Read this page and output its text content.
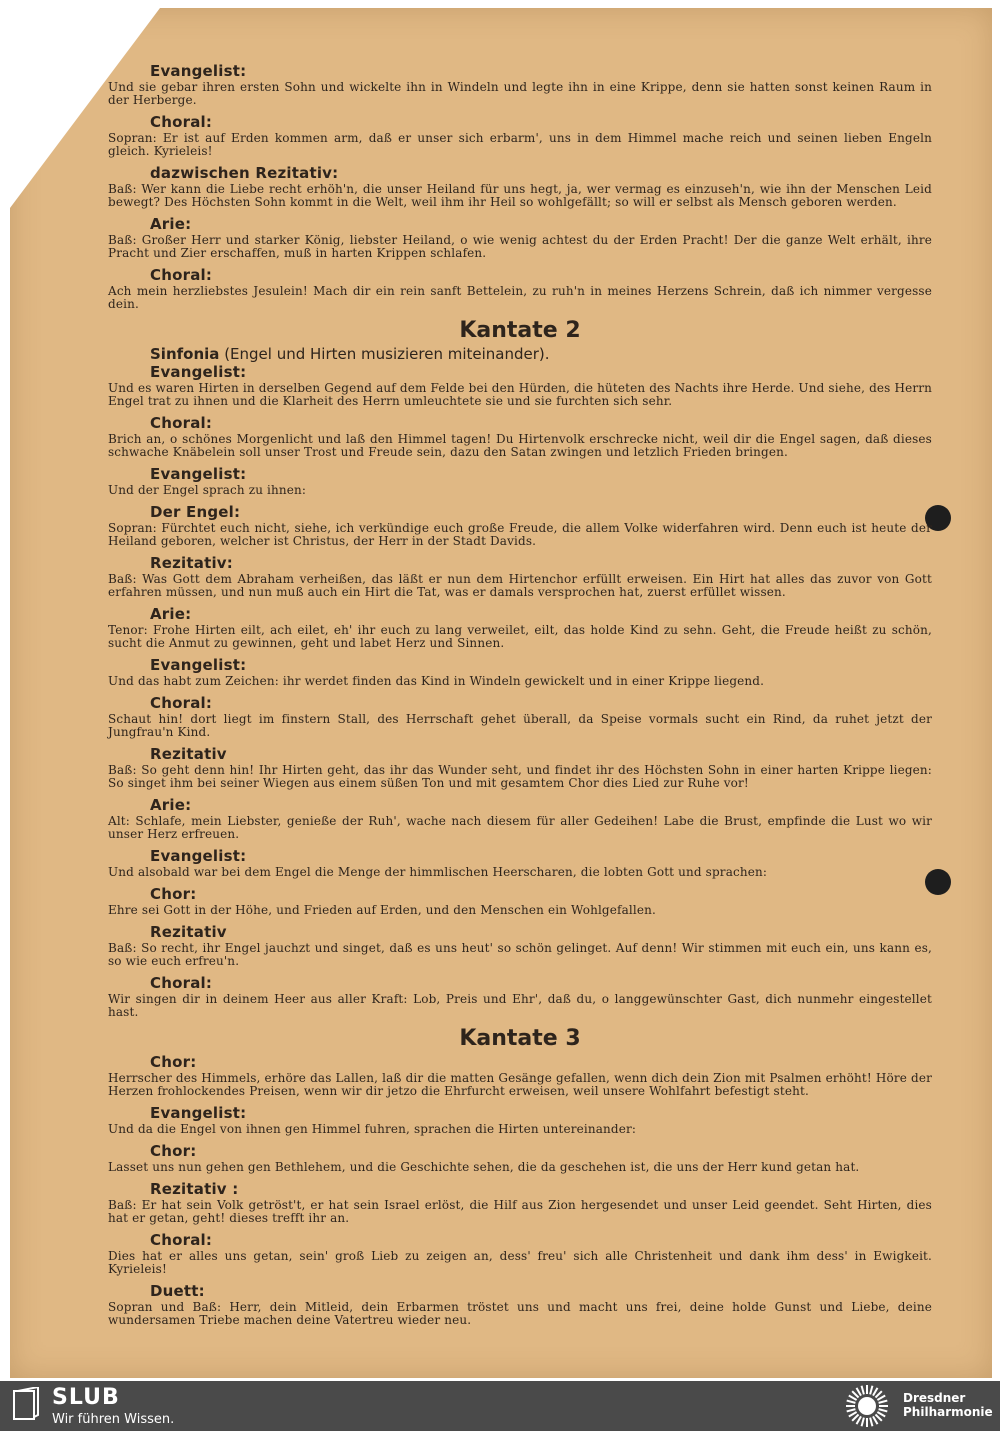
Evangelist:
Und sie gebar ihren ersten Sohn und wickelte ihn in Windeln und legte ihn in eine Krippe, denn sie hatten sonst keinen Raum in der Herberge.
Choral:
Sopran: Er ist auf Erden kommen arm, daß er unser sich erbarm', uns in dem Himmel mache reich und seinen lieben Engeln gleich. Kyrieleis!
dazwischen Rezitativ:
Baß: Wer kann die Liebe recht erhöh'n, die unser Heiland für uns hegt, ja, wer vermag es einzuseh'n, wie ihn der Menschen Leid bewegt? Des Höchsten Sohn kommt in die Welt, weil ihm ihr Heil so wohlgefällt; so will er selbst als Mensch geboren werden.
Arie:
Baß: Großer Herr und starker König, liebster Heiland, o wie wenig achtest du der Erden Pracht! Der die ganze Welt erhält, ihre Pracht und Zier erschaffen, muß in harten Krippen schlafen.
Choral:
Ach mein herzliebstes Jesulein! Mach dir ein rein sanft Bettelein, zu ruh'n in meines Herzens Schrein, daß ich nimmer vergesse dein.
Kantate 2
Sinfonia (Engel und Hirten musizieren miteinander).
Evangelist:
Und es waren Hirten in derselben Gegend auf dem Felde bei den Hürden, die hüteten des Nachts ihre Herde. Und siehe, des Herrn Engel trat zu ihnen und die Klarheit des Herrn umleuchtete sie und sie furchten sich sehr.
Choral:
Brich an, o schönes Morgenlicht und laß den Himmel tagen! Du Hirtenvolk erschrecke nicht, weil dir die Engel sagen, daß dieses schwache Knäbelein soll unser Trost und Freude sein, dazu den Satan zwingen und letzlich Frieden bringen.
Evangelist:
Und der Engel sprach zu ihnen:
Der Engel:
Sopran: Fürchtet euch nicht, siehe, ich verkündige euch große Freude, die allem Volke widerfahren wird. Denn euch ist heute der Heiland geboren, welcher ist Christus, der Herr in der Stadt Davids.
Rezitativ:
Baß: Was Gott dem Abraham verheißen, das läßt er nun dem Hirtenchor erfüllt erweisen. Ein Hirt hat alles das zuvor von Gott erfahren müssen, und nun muß auch ein Hirt die Tat, was er damals versprochen hat, zuerst erfüllet wissen.
Arie:
Tenor: Frohe Hirten eilt, ach eilet, eh' ihr euch zu lang verweilet, eilt, das holde Kind zu sehn. Geht, die Freude heißt zu schön, sucht die Anmut zu gewinnen, geht und labet Herz und Sinnen.
Evangelist:
Und das habt zum Zeichen: ihr werdet finden das Kind in Windeln gewickelt und in einer Krippe liegend.
Choral:
Schaut hin! dort liegt im finstern Stall, des Herrschaft gehet überall, da Speise vormals sucht ein Rind, da ruhet jetzt der Jungfrau'n Kind.
Rezitativ
Baß: So geht denn hin! Ihr Hirten geht, das ihr das Wunder seht, und findet ihr des Höchsten Sohn in einer harten Krippe liegen: So singet ihm bei seiner Wiegen aus einem süßen Ton und mit gesamtem Chor dies Lied zur Ruhe vor!
Arie:
Alt: Schlafe, mein Liebster, genieße der Ruh', wache nach diesem für aller Gedeihen! Labe die Brust, empfinde die Lust wo wir unser Herz erfreuen.
Evangelist:
Und alsobald war bei dem Engel die Menge der himmlischen Heerscharen, die lobten Gott und sprachen:
Chor:
Ehre sei Gott in der Höhe, und Frieden auf Erden, und den Menschen ein Wohlgefallen.
Rezitativ
Baß: So recht, ihr Engel jauchzt und singet, daß es uns heut' so schön gelinget. Auf denn! Wir stimmen mit euch ein, uns kann es, so wie euch erfreu'n.
Choral:
Wir singen dir in deinem Heer aus aller Kraft: Lob, Preis und Ehr', daß du, o langgewünschter Gast, dich nunmehr eingestellet hast.
Kantate 3
Chor:
Herrscher des Himmels, erhöre das Lallen, laß dir die matten Gesänge gefallen, wenn dich dein Zion mit Psalmen erhöht! Höre der Herzen frohlockendes Preisen, wenn wir dir jetzo die Ehrfurcht erweisen, weil unsere Wohlfahrt befestigt steht.
Evangelist:
Und da die Engel von ihnen gen Himmel fuhren, sprachen die Hirten untereinander:
Chor:
Lasset uns nun gehen gen Bethlehem, und die Geschichte sehen, die da geschehen ist, die uns der Herr kund getan hat.
Rezitativ :
Baß: Er hat sein Volk getröst't, er hat sein Israel erlöst, die Hilf aus Zion hergesendet und unser Leid geendet. Seht Hirten, dies hat er getan, geht! dieses trefft ihr an.
Choral:
Dies hat er alles uns getan, sein' groß Lieb zu zeigen an, dess' freu' sich alle Christenheit und dank ihm dess' in Ewigkeit. Kyrieleis!
Duett:
Sopran und Baß: Herr, dein Mitleid, dein Erbarmen tröstet uns und macht uns frei, deine holde Gunst und Liebe, deine wundersamen Triebe machen deine Vatertreu wieder neu.
SLUB
Wir führen Wissen.
Dresdner
Philharmonie
